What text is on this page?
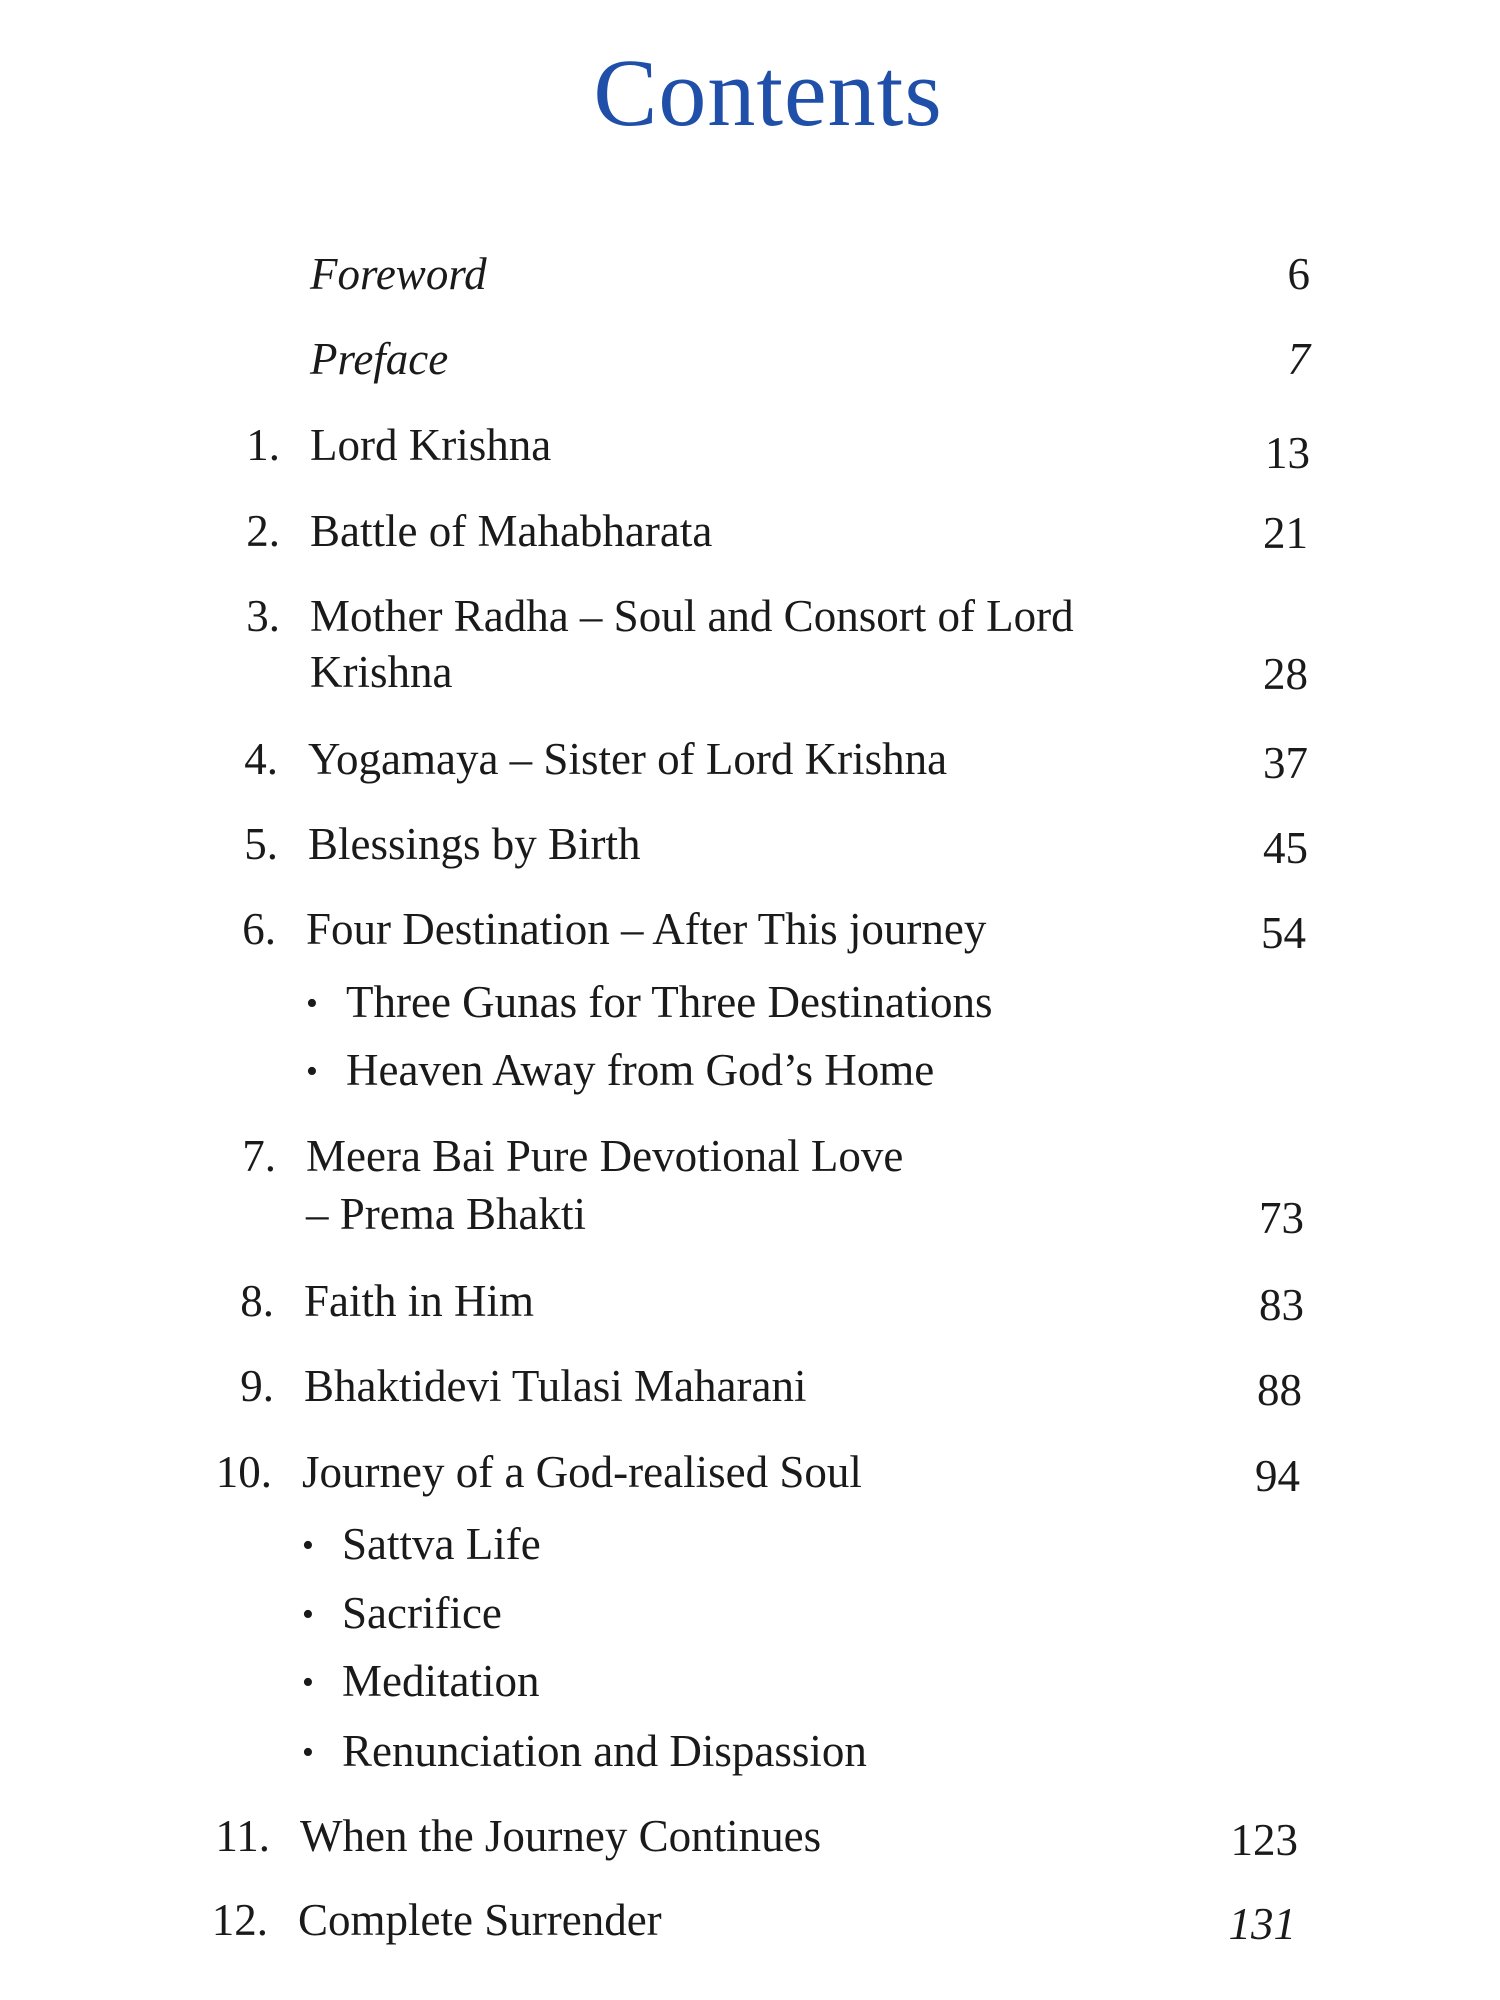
Contents
Foreword	6
Preface	7
1. Lord Krishna	13
2. Battle of Mahabharata	21
3. Mother Radha – Soul and Consort of Lord
Krishna	28
4. Yogamaya – Sister of Lord Krishna	37
5. Blessings by Birth	45
6. Four Destination – After This journey	54
• Three Gunas for Three Destinations
• Heaven Away from God’s Home
7. Meera Bai Pure Devotional Love
– Prema Bhakti	73
8. Faith in Him	83
9. Bhaktidevi Tulasi Maharani	88
10. Journey of a God-realised Soul	94
• Sattva Life
• Sacrifice
• Meditation
• Renunciation and Dispassion
11. When the Journey Continues	123
12. Complete Surrender	131
